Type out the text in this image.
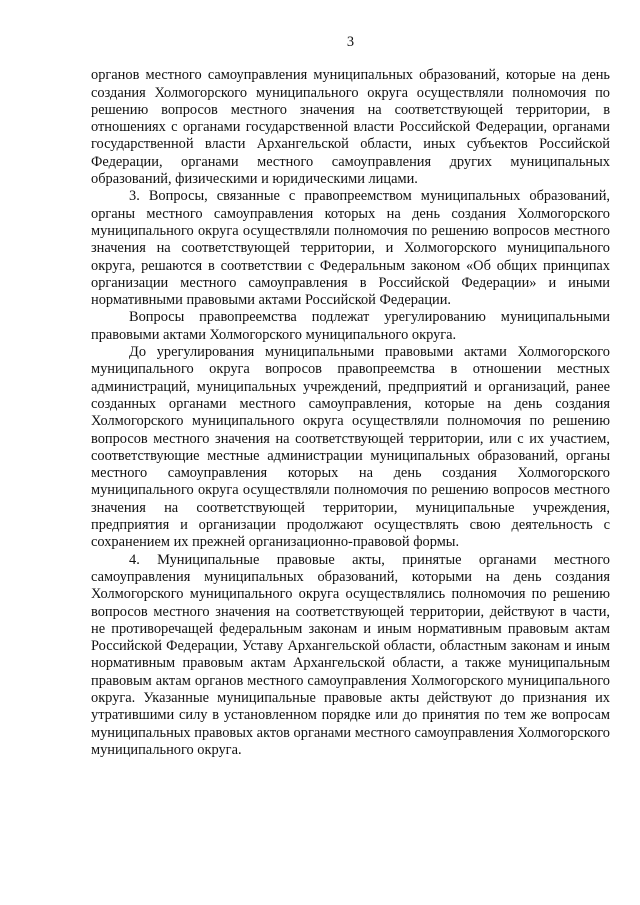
3

органов местного самоуправления муниципальных образований, которые на день создания Холмогорского муниципального округа осуществляли полномочия по решению вопросов местного значения на соответствующей территории, в отношениях с органами государственной власти Российской Федерации, органами государственной власти Архангельской области, иных субъектов Российской Федерации, органами местного самоуправления других муниципальных образований, физическими и юридическими лицами.

3. Вопросы, связанные с правопреемством муниципальных образований, органы местного самоуправления которых на день создания Холмогорского муниципального округа осуществляли полномочия по решению вопросов местного значения на соответствующей территории, и Холмогорского муниципального округа, решаются в соответствии с Федеральным законом «Об общих принципах организации местного самоуправления в Российской Федерации» и иными нормативными правовыми актами Российской Федерации.

Вопросы правопреемства подлежат урегулированию муниципальными правовыми актами Холмогорского муниципального округа.

До урегулирования муниципальными правовыми актами Холмогорского муниципального округа вопросов правопреемства в отношении местных администраций, муниципальных учреждений, предприятий и организаций, ранее созданных органами местного самоуправления, которые на день создания Холмогорского муниципального округа осуществляли полномочия по решению вопросов местного значения на соответствующей территории, или с их участием, соответствующие местные администрации муниципальных образований, органы местного самоуправления которых на день создания Холмогорского муниципального округа осуществляли полномочия по решению вопросов местного значения на соответствующей территории, муниципальные учреждения, предприятия и организации продолжают осуществлять свою деятельность с сохранением их прежней организационно-правовой формы.

4. Муниципальные правовые акты, принятые органами местного самоуправления муниципальных образований, которыми на день создания Холмогорского муниципального округа осуществлялись полномочия по решению вопросов местного значения на соответствующей территории, действуют в части, не противоречащей федеральным законам и иным нормативным правовым актам Российской Федерации, Уставу Архангельской области, областным законам и иным нормативным правовым актам Архангельской области, а также муниципальным правовым актам органов местного самоуправления Холмогорского муниципального округа. Указанные муниципальные правовые акты действуют до признания их утратившими силу в установленном порядке или до принятия по тем же вопросам муниципальных правовых актов органами местного самоуправления Холмогорского муниципального округа.
